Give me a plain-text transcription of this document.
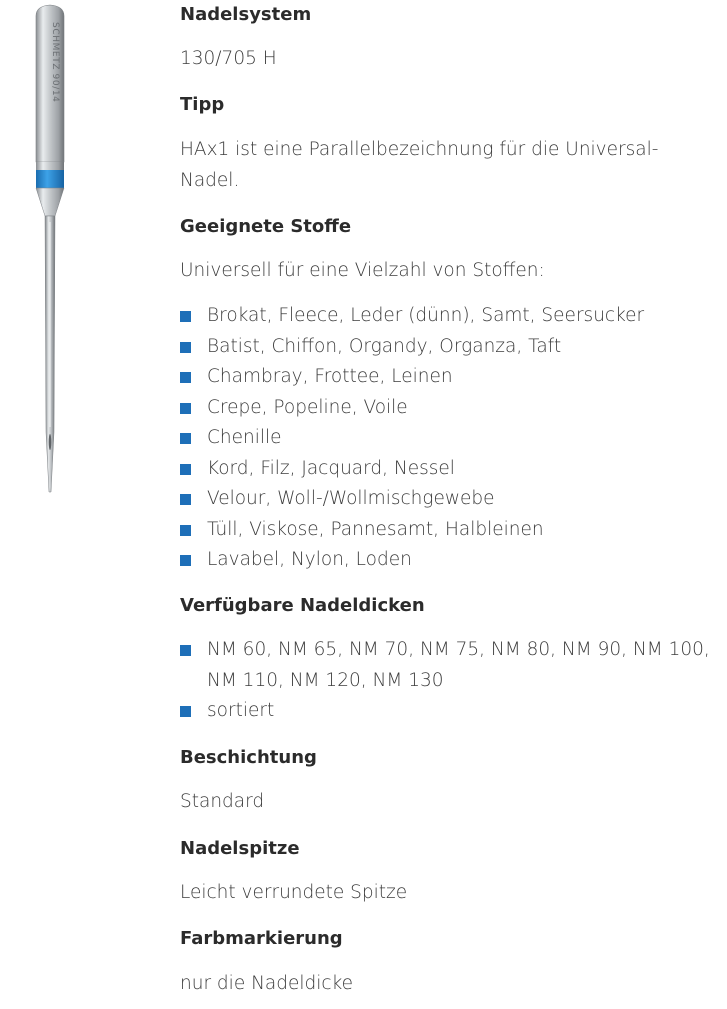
SCHMETZ 90/14
Nadelsystem

130/705 H

Tipp

HAx1 ist eine Parallelbezeichnung für die Universal-Nadel.

Geeignete Stoffe

Universell für eine Vielzahl von Stoffen:

Brokat, Fleece, Leder (dünn), Samt, Seersucker
Batist, Chiffon, Organdy, Organza, Taft
Chambray, Frottee, Leinen
Crepe, Popeline, Voile
Chenille
Kord, Filz, Jacquard, Nessel
Velour, Woll-/Wollmischgewebe
Tüll, Viskose, Pannesamt, Halbleinen
Lavabel, Nylon, Loden
Verfügbare Nadeldicken
NM 60, NM 65, NM 70, NM 75, NM 80, NM 90, NM 100, NM 110, NM 120, NM 130
sortiert
Beschichtung

Standard

Nadelspitze

Leicht verrundete Spitze

Farbmarkierung

nur die Nadeldicke
